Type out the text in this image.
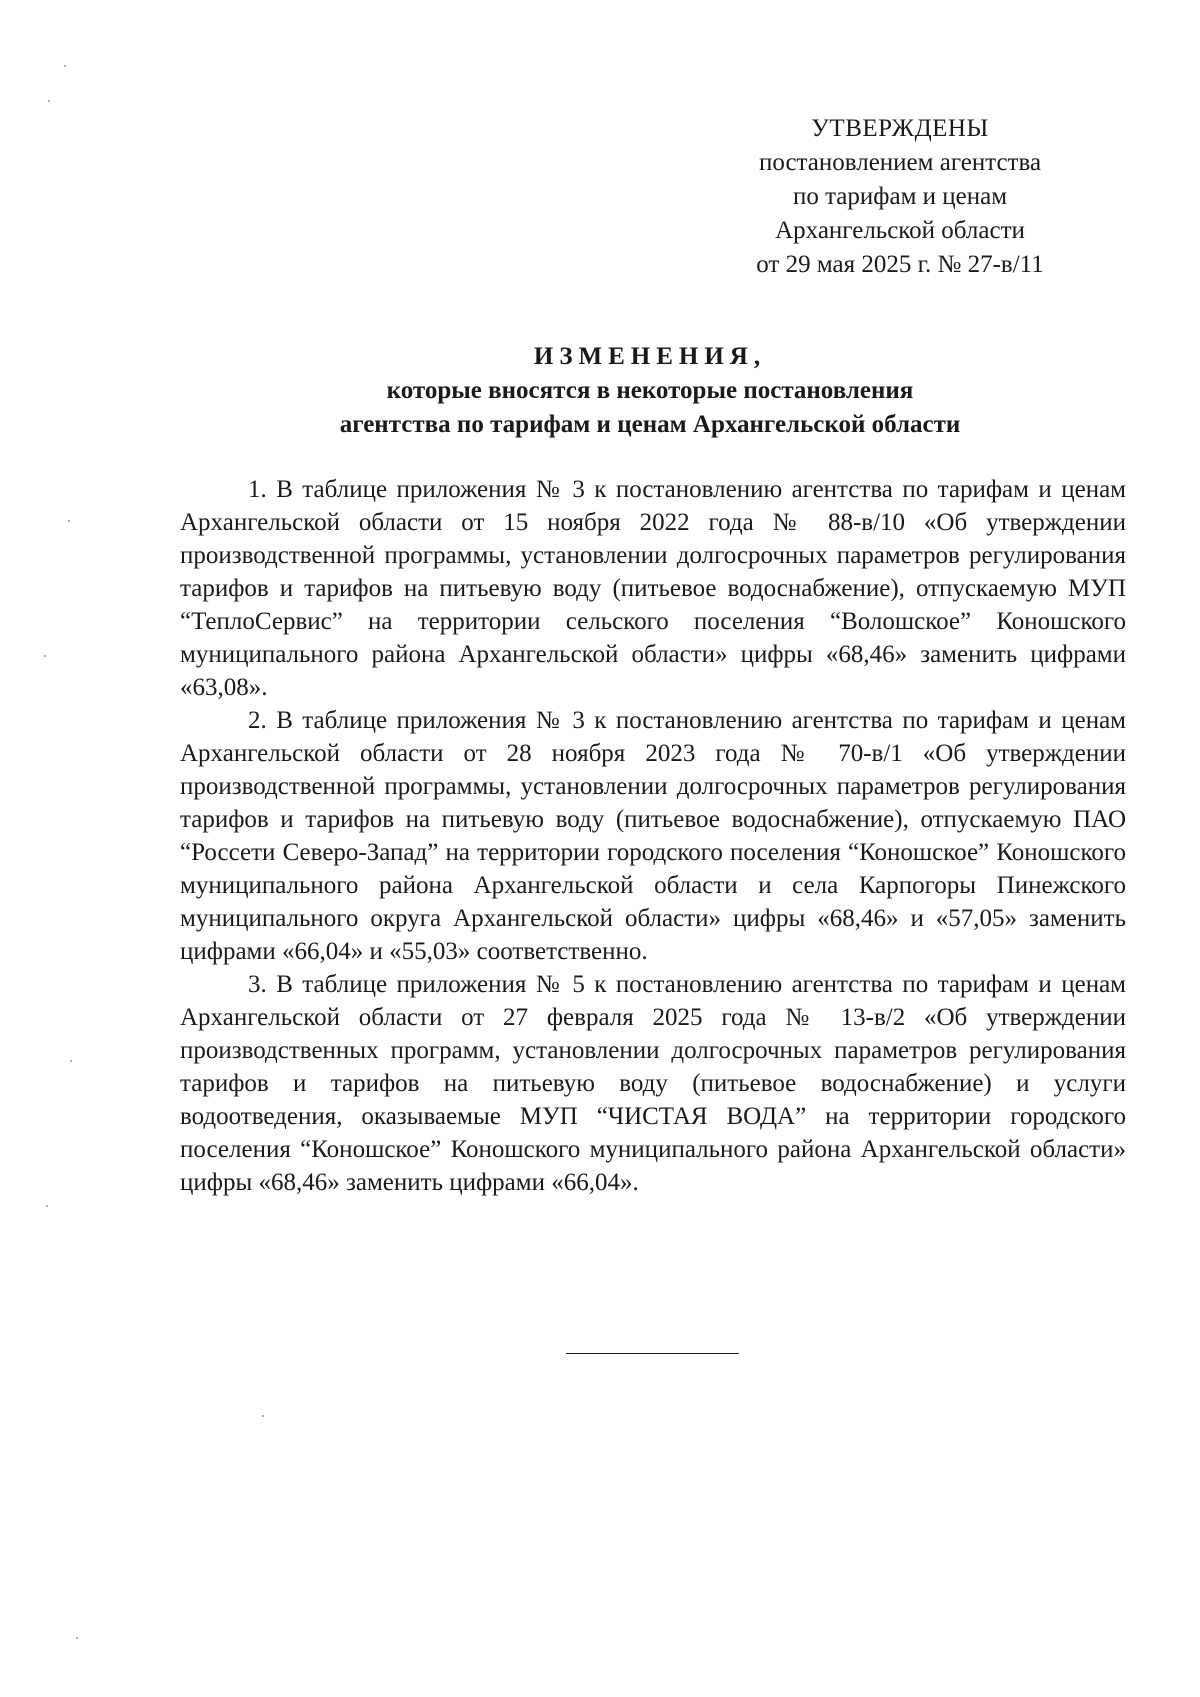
УТВЕРЖДЕНЫ
постановлением агентства
по тарифам и ценам
Архангельской области
от 29 мая 2025 г. № 27-в/11
ИЗМЕНЕНИЯ,
которые вносятся в некоторые постановления
агентства по тарифам и ценам Архангельской области

1. В таблице приложения № 3 к постановлению агентства по тарифам и ценам Архангельской области от 15 ноября 2022 года № 88-в/10 «Об утверждении производственной программы, установлении долгосрочных параметров регулирования тарифов и тарифов на питьевую воду (питьевое водоснабжение), отпускаемую МУП “ТеплоСервис” на территории сельского поселения “Волошское” Коношского муниципального района Архангельской области» цифры «68,46» заменить цифрами «63,08».

2. В таблице приложения № 3 к постановлению агентства по тарифам и ценам Архангельской области от 28 ноября 2023 года № 70-в/1 «Об утверждении производственной программы, установлении долгосрочных параметров регулирования тарифов и тарифов на питьевую воду (питьевое водоснабжение), отпускаемую ПАО “Россети Северо-Запад” на территории городского поселения “Коношское” Коношского муниципального района Архангельской области и села Карпогоры Пинежского муниципального округа Архангельской области» цифры «68,46» и «57,05» заменить цифрами «66,04» и «55,03» соответственно.

3. В таблице приложения № 5 к постановлению агентства по тарифам и ценам Архангельской области от 27 февраля 2025 года № 13-в/2 «Об утверждении производственных программ, установлении долгосрочных параметров регулирования тарифов и тарифов на питьевую воду (питьевое водоснабжение) и услуги водоотведения, оказываемые МУП “ЧИСТАЯ ВОДА” на территории городского поселения “Коношское” Коношского муниципального района Архангельской области» цифры «68,46» заменить цифрами «66,04».
